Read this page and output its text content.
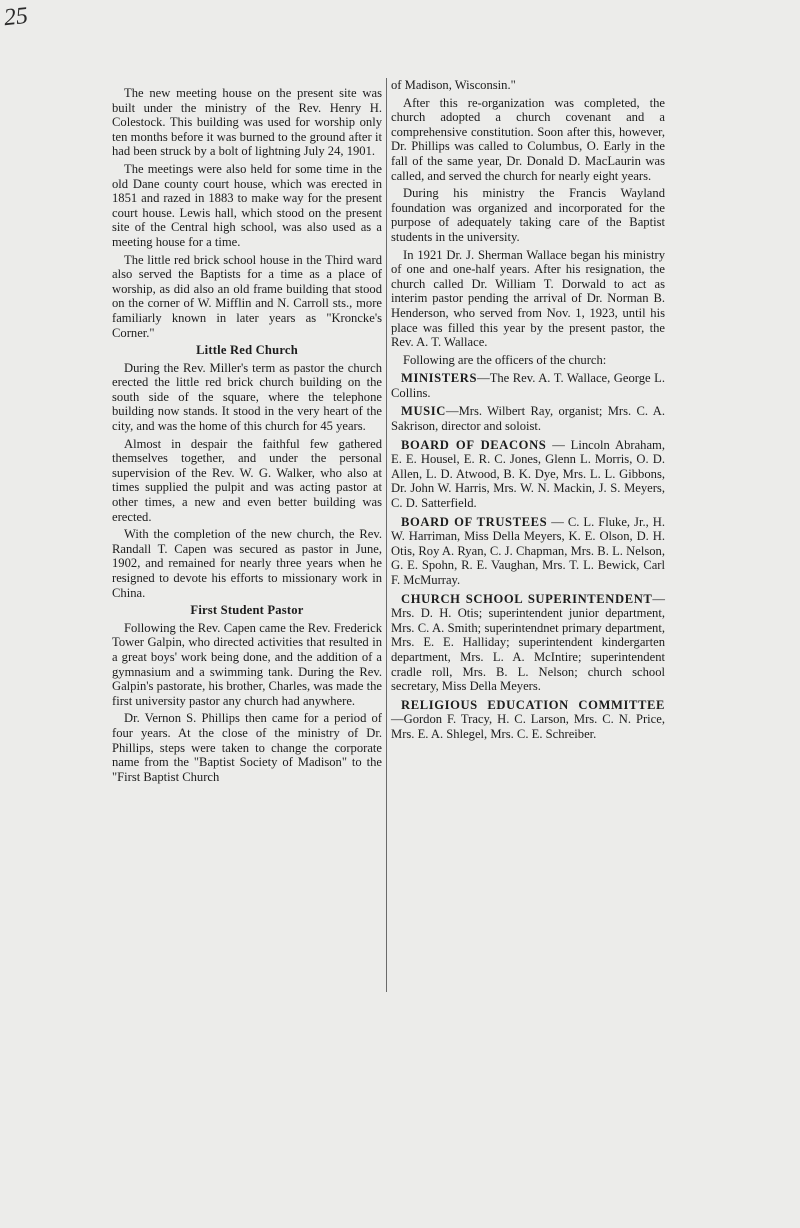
25

The new meeting house on the present site was built under the ministry of the Rev. Henry H. Colestock. This building was used for worship only ten months before it was burned to the ground after it had been struck by a bolt of lightning July 24, 1901.

The meetings were also held for some time in the old Dane county court house, which was erected in 1851 and razed in 1883 to make way for the present court house. Lewis hall, which stood on the present site of the Central high school, was also used as a meeting house for a time.

The little red brick school house in the Third ward also served the Baptists for a time as a place of worship, as did also an old frame building that stood on the corner of W. Mifflin and N. Carroll sts., more familiarly known in later years as "Kroncke's Corner."

Little Red Church

During the Rev. Miller's term as pastor the church erected the little red brick church building on the south side of the square, where the telephone building now stands. It stood in the very heart of the city, and was the home of this church for 45 years.

Almost in despair the faithful few gathered themselves together, and under the personal supervision of the Rev. W. G. Walker, who also at times supplied the pulpit and was acting pastor at other times, a new and even better building was erected.

With the completion of the new church, the Rev. Randall T. Capen was secured as pastor in June, 1902, and remained for nearly three years when he resigned to devote his efforts to missionary work in China.

First Student Pastor

Following the Rev. Capen came the Rev. Frederick Tower Galpin, who directed activities that resulted in a great boys' work being done, and the addition of a gymnasium and a swimming tank. During the Rev. Galpin's pastorate, his brother, Charles, was made the first university pastor any church had anywhere.

Dr. Vernon S. Phillips then came for a period of four years. At the close of the ministry of Dr. Phillips, steps were taken to change the corporate name from the "Baptist Society of Madison" to the "First Baptist Church

of Madison, Wisconsin."

After this re-organization was completed, the church adopted a church covenant and a comprehensive constitution. Soon after this, however, Dr. Phillips was called to Columbus, O. Early in the fall of the same year, Dr. Donald D. MacLaurin was called, and served the church for nearly eight years.

During his ministry the Francis Wayland foundation was organized and incorporated for the purpose of adequately taking care of the Baptist students in the university.

In 1921 Dr. J. Sherman Wallace began his ministry of one and one-half years. After his resignation, the church called Dr. William T. Dorwald to act as interim pastor pending the arrival of Dr. Norman B. Henderson, who served from Nov. 1, 1923, until his place was filled this year by the present pastor, the Rev. A. T. Wallace.

Following are the officers of the church:

MINISTERS—The Rev. A. T. Wallace, George L. Collins.

MUSIC—Mrs. Wilbert Ray, organist; Mrs. C. A. Sakrison, director and soloist.

BOARD OF DEACONS — Lincoln Abraham, E. E. Housel, E. R. C. Jones, Glenn L. Morris, O. D. Allen, L. D. Atwood, B. K. Dye, Mrs. L. L. Gibbons, Dr. John W. Harris, Mrs. W. N. Mackin, J. S. Meyers, C. D. Satterfield.

BOARD OF TRUSTEES — C. L. Fluke, Jr., H. W. Harriman, Miss Della Meyers, K. E. Olson, D. H. Otis, Roy A. Ryan, C. J. Chapman, Mrs. B. L. Nelson, G. E. Spohn, R. E. Vaughan, Mrs. T. L. Bewick, Carl F. McMurray.

CHURCH SCHOOL SUPERINTENDENT—Mrs. D. H. Otis; superintendent junior department, Mrs. C. A. Smith; superintendnet primary department, Mrs. E. E. Halliday; superintendent kindergarten department, Mrs. L. A. McIntire; superintendent cradle roll, Mrs. B. L. Nelson; church school secretary, Miss Della Meyers.

RELIGIOUS EDUCATION COMMITTEE—Gordon F. Tracy, H. C. Larson, Mrs. C. N. Price, Mrs. E. A. Shlegel, Mrs. C. E. Schreiber.
